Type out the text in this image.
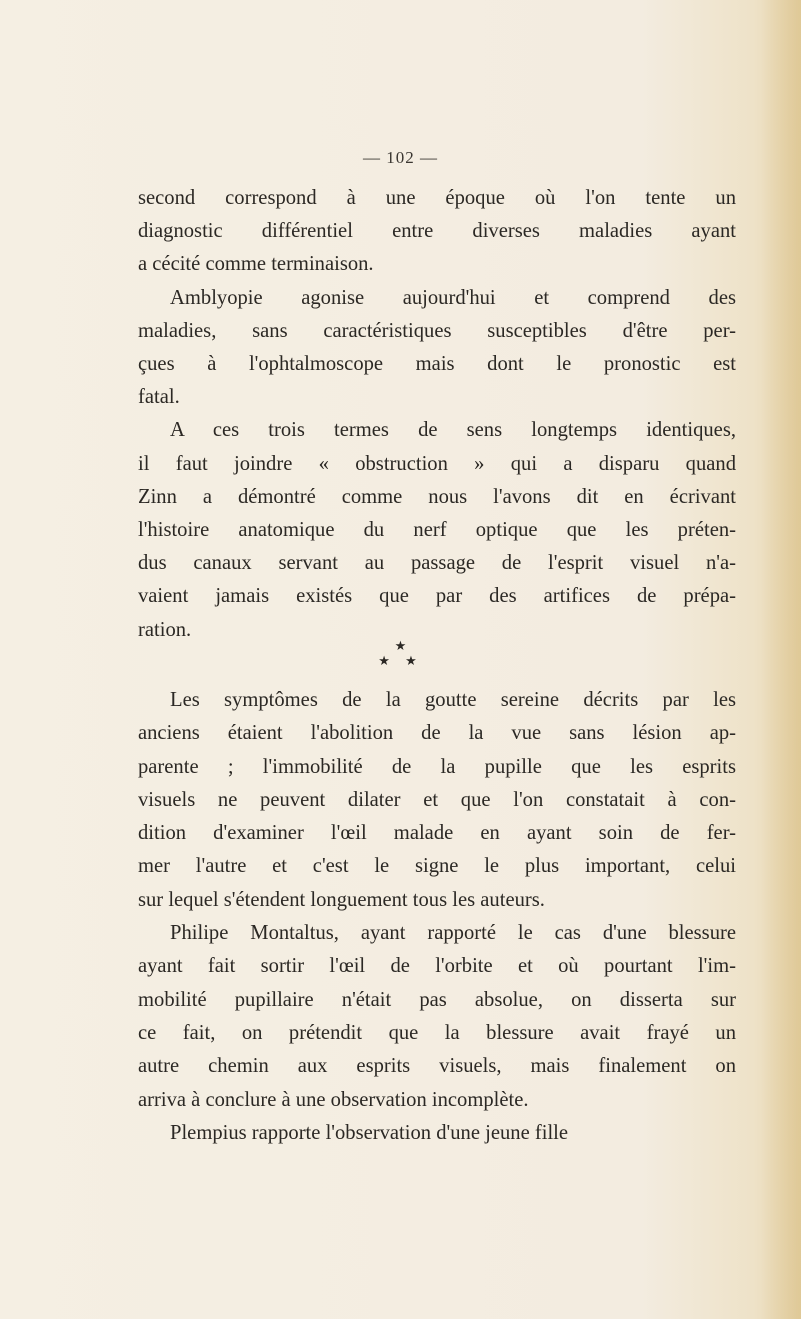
— 102 —
second correspond à une époque où l'on tente un
diagnostic différentiel entre diverses maladies ayant
a cécité comme terminaison.
Amblyopie agonise aujourd'hui et comprend des
maladies, sans caractéristiques susceptibles d'être per-
çues à l'ophtalmoscope mais dont le pronostic est
fatal.
A ces trois termes de sens longtemps identiques,
il faut joindre « obstruction » qui a disparu quand
Zinn a démontré comme nous l'avons dit en écrivant
l'histoire anatomique du nerf optique que les préten-
dus canaux servant au passage de l'esprit visuel n'a-
vaient jamais existés que par des artifices de prépa-
ration.
★
★ ★
Les symptômes de la goutte sereine décrits par les
anciens étaient l'abolition de la vue sans lésion ap-
parente ; l'immobilité de la pupille que les esprits
visuels ne peuvent dilater et que l'on constatait à con-
dition d'examiner l'œil malade en ayant soin de fer-
mer l'autre et c'est le signe le plus important, celui
sur lequel s'étendent longuement tous les auteurs.
Philipe Montaltus, ayant rapporté le cas d'une blessure
ayant fait sortir l'œil de l'orbite et où pourtant l'im-
mobilité pupillaire n'était pas absolue, on disserta sur
ce fait, on prétendit que la blessure avait frayé un
autre chemin aux esprits visuels, mais finalement on
arriva à conclure à une observation incomplète.
Plempius rapporte l'observation d'une jeune fille
